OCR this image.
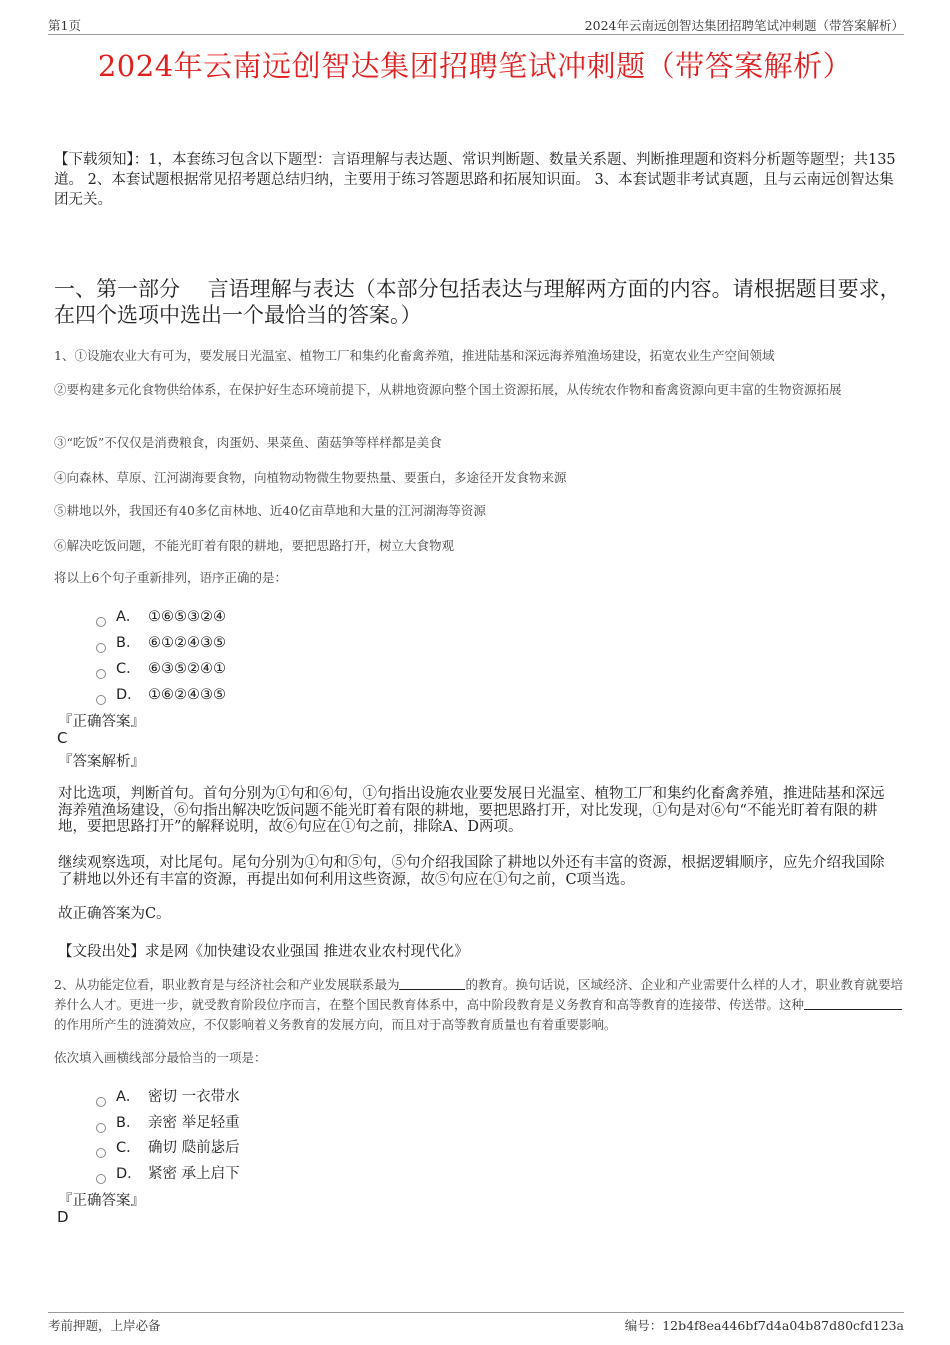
第1页	2024年云南远创智达集团招聘笔试冲刺题（带答案解析）
2024年云南远创智达集团招聘笔试冲刺题（带答案解析）
【下载须知】：1，本套练习包含以下题型：言语理解与表达题、常识判断题、数量关系题、判断推理题和资料分析题等题型；共135道。 2、本套试题根据常见招考题总结归纳，主要用于练习答题思路和拓展知识面。 3、本套试题非考试真题，且与云南远创智达集团无关。
一、第一部分　 言语理解与表达（本部分包括表达与理解两方面的内容。请根据题目要求，在四个选项中选出一个最恰当的答案。）
1、①设施农业大有可为，要发展日光温室、植物工厂和集约化畜禽养殖，推进陆基和深远海养殖渔场建设，拓宽农业生产空间领域
②要构建多元化食物供给体系，在保护好生态环境前提下，从耕地资源向整个国土资源拓展，从传统农作物和畜禽资源向更丰富的生物资源拓展
③“吃饭”不仅仅是消费粮食，肉蛋奶、果菜鱼、菌菇笋等样样都是美食
④向森林、草原、江河湖海要食物，向植物动物微生物要热量、要蛋白，多途径开发食物来源
⑤耕地以外，我国还有40多亿亩林地、近40亿亩草地和大量的江河湖海等资源
⑥解决吃饭问题，不能光盯着有限的耕地，要把思路打开，树立大食物观
将以上6个句子重新排列，语序正确的是：
A． ①⑥⑤③②④
B． ⑥①②④③⑤
C． ⑥③⑤②④①
D． ①⑥②④③⑤
『正确答案』
C
『答案解析』
对比选项，判断首句。首句分别为①句和⑥句，①句指出设施农业要发展日光温室、植物工厂和集约化畜禽养殖，推进陆基和深远海养殖渔场建设，⑥句指出解决吃饭问题不能光盯着有限的耕地，要把思路打开，对比发现，①句是对⑥句“不能光盯着有限的耕地，要把思路打开”的解释说明，故⑥句应在①句之前，排除A、D两项。
继续观察选项，对比尾句。尾句分别为①句和⑤句，⑤句介绍我国除了耕地以外还有丰富的资源，根据逻辑顺序，应先介绍我国除了耕地以外还有丰富的资源，再提出如何利用这些资源，故⑤句应在①句之前，C项当选。
故正确答案为C。
【文段出处】求是网《加快建设农业强国 推进农业农村现代化》
2、从功能定位看，职业教育是与经济社会和产业发展联系最为	的教育。换句话说，区域经济、企业和产业需要什么样的人才，职业教育就要培养什么人才。更进一步，就受教育阶段位序而言，在整个国民教育体系中，高中阶段教育是义务教育和高等教育的连接带、传送带。这种的作用所产生的涟漪效应，不仅影响着义务教育的发展方向，而且对于高等教育质量也有着重要影响。
依次填入画横线部分最恰当的一项是：
A． 密切 一衣带水
B． 亲密 举足轻重
C． 确切 瓞前毖后
D． 紧密 承上启下
『正确答案』
D
考前押题，上岸必备	编号：12b4f8ea446bf7d4a04b87d80cfd123a
